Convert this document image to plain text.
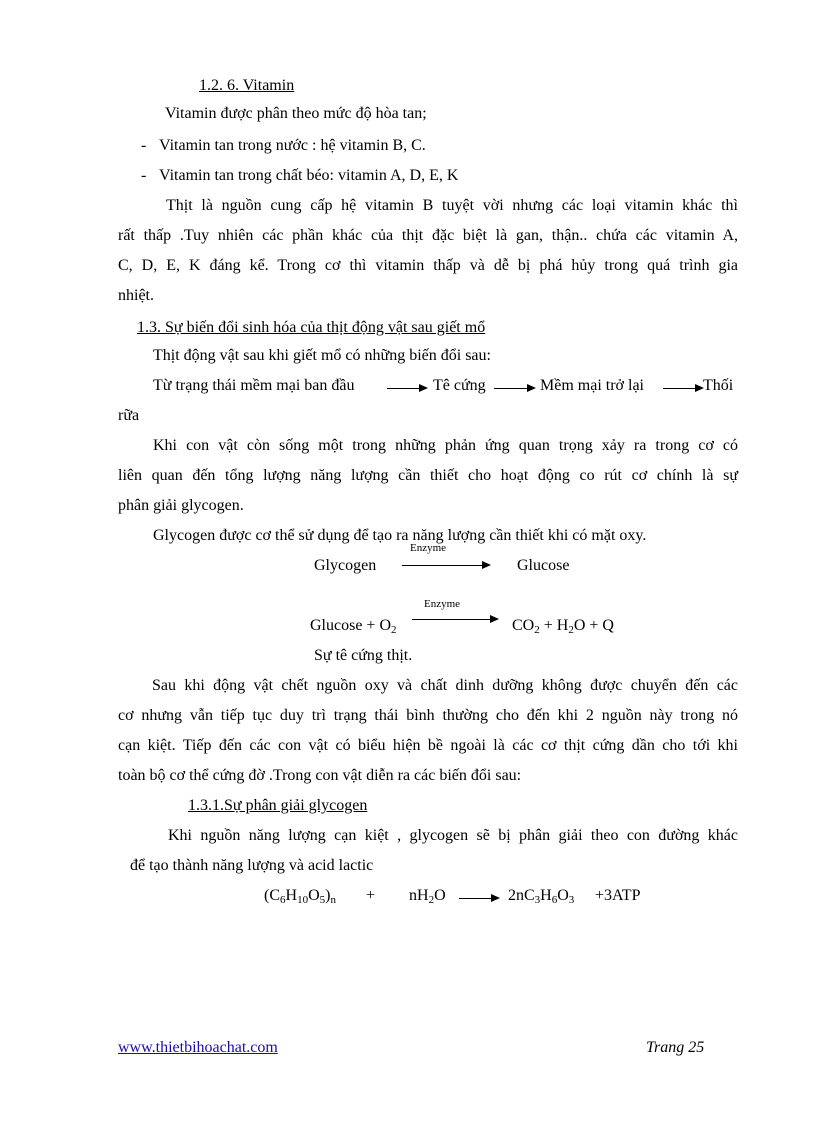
1.2. 6. Vitamin
Vitamin được phân theo mức độ hòa tan;
- Vitamin tan trong nước : hệ vitamin B, C.
- Vitamin tan trong chất béo: vitamin A, D, E, K
Thịt là nguồn cung cấp hệ vitamin B tuyệt vời nhưng các loại vitamin khác thì
rất thấp .Tuy nhiên các phần khác của thịt đặc biệt là gan, thận.. chứa các vitamin A,
C, D, E, K đáng kể. Trong cơ thì vitamin thấp và dễ bị phá hủy trong quá trình gia
nhiệt.
1.3. Sự biến đổi sinh hóa của thịt động vật sau giết mổ
Thịt động vật sau khi giết mổ có những biến đổi sau:
Từ trạng thái mềm mại ban đầu	Tê cứng	Mềm mại trở lại	Thối
rữa
Khi con vật còn sống một trong những phản ứng quan trọng xảy ra trong cơ có
liên quan đến tổng lượng năng lượng cần thiết cho hoạt động co rút cơ chính là sự
phân giải glycogen.
Glycogen được cơ thể sử dụng để tạo ra năng lượng cần thiết khi có mặt oxy.
Enzyme
Glycogen	Glucose
Enzyme
$Glucose + O_2$	$CO_2 + H_2O + Q$
Sự tê cứng thịt.
Sau khi động vật chết nguồn oxy và chất dinh dưỡng không được chuyển đến các
cơ nhưng vẫn tiếp tục duy trì trạng thái bình thường cho đến khi 2 nguồn này trong nó
cạn kiệt. Tiếp đến các con vật có biểu hiện bề ngoài là các cơ thịt cứng dần cho tới khi
toàn bộ cơ thể cứng đờ .Trong con vật diễn ra các biến đổi sau:
1.3.1.Sự phân giải glycogen
Khi nguồn năng lượng cạn kiệt , glycogen sẽ bị phân giải theo con đường khác
để tạo thành năng lượng và acid lactic
$(C_6H_{10}O_5)_n + nH_2O$	$2nC_3H_6O_3 +3ATP$
www.thietbihoachat.com	Trang 25
